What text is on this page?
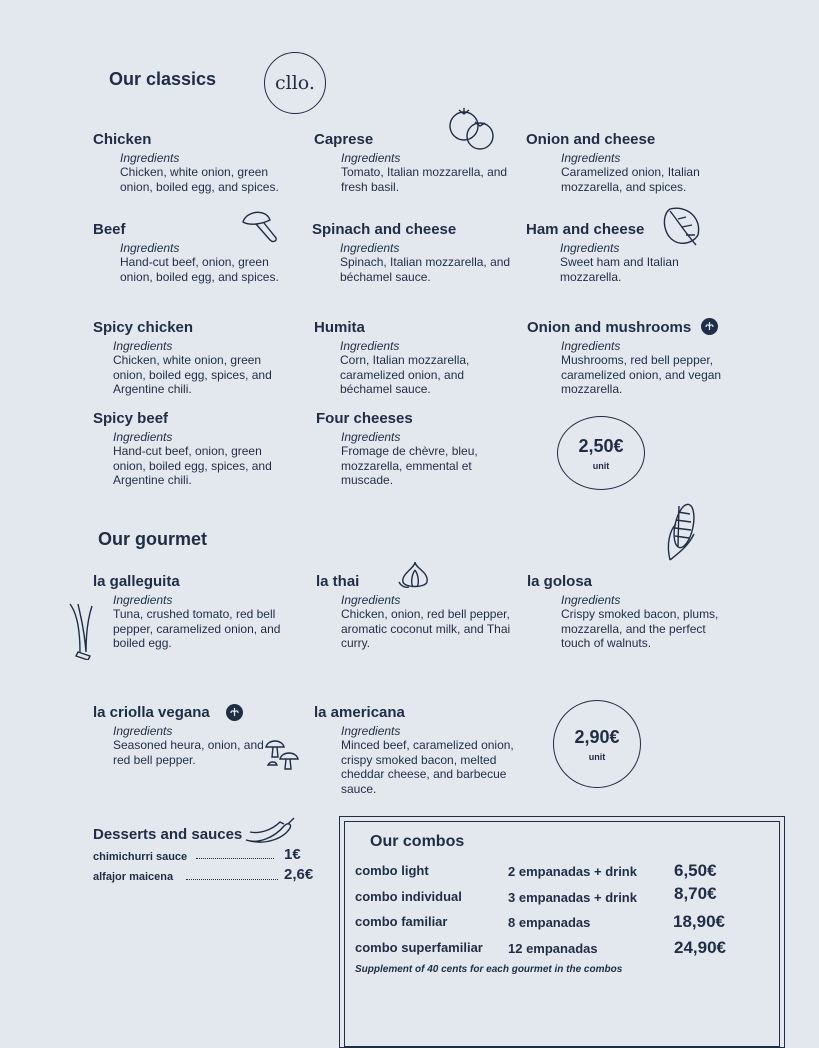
Our classics	cllo.
Chicken
Ingredients
Chicken, white onion, green onion, boiled egg, and spices.
Caprese
Ingredients
Tomato, Italian mozzarella, and fresh basil.
Onion and cheese
Ingredients
Caramelized onion, Italian mozzarella, and spices.
Beef
Ingredients
Hand-cut beef, onion, green onion, boiled egg, and spices.
Spinach and cheese
Ingredients
Spinach, Italian mozzarella, and béchamel sauce.
Ham and cheese
Ingredients
Sweet ham and Italian mozzarella.
Spicy chicken
Ingredients
Chicken, white onion, green onion, boiled egg, spices, and Argentine chili.
Humita
Ingredients
Corn, Italian mozzarella, caramelized onion, and béchamel sauce.
Onion and mushrooms
Ingredients
Mushrooms, red bell pepper, caramelized onion, and vegan mozzarella.
Spicy beef
Ingredients
Hand-cut beef, onion, green onion, boiled egg, spices, and Argentine chili.
Four cheeses
Ingredients
Fromage de chèvre, bleu, mozzarella, emmental et muscade.
2,50€
unit
Our gourmet
la galleguita
Ingredients
Tuna, crushed tomato, red bell pepper, caramelized onion, and boiled egg.
la thai
Ingredients
Chicken, onion, red bell pepper, aromatic coconut milk, and Thai curry.
la golosa
Ingredients
Crispy smoked bacon, plums, mozzarella, and the perfect touch of walnuts.
la criolla vegana
Ingredients
Seasoned heura, onion, and red bell pepper.
la americana
Ingredients
Minced beef, caramelized onion, crispy smoked bacon, melted cheddar cheese, and barbecue sauce.
2,90€
unit
Desserts and sauces
chimichurri sauce	1€
alfajor maicena	2,6€
Our combos
combo light	2 empanadas + drink 6,50€
combo individual	3 empanadas + drink 8,70€
combo familiar	8 empanadas	18,90€
combo superfamiliar 12 empanadas	24,90€
Supplement of 40 cents for each gourmet in the combos
